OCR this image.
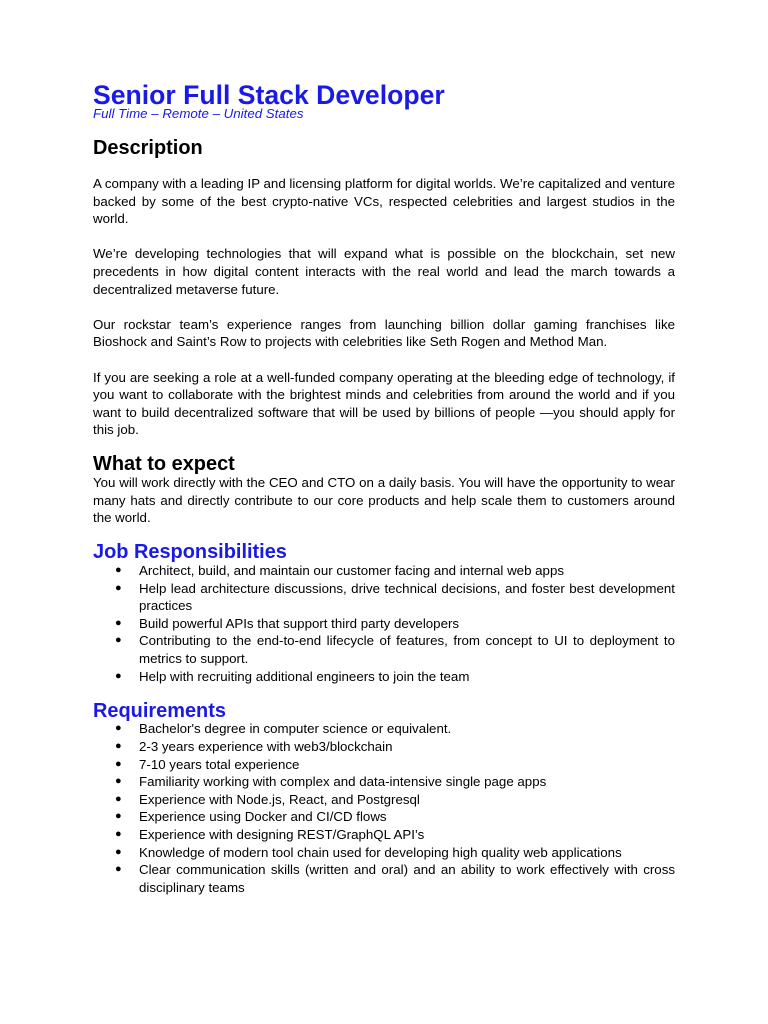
Senior Full Stack Developer
Full Time – Remote – United States
Description

A company with a leading IP and licensing platform for digital worlds. We’re capitalized and venture backed by some of the best crypto-native VCs, respected celebrities and largest studios in the world.

We’re developing technologies that will expand what is possible on the blockchain, set new precedents in how digital content interacts with the real world and lead the march towards a decentralized metaverse future.

Our rockstar team’s experience ranges from launching billion dollar gaming franchises like Bioshock and Saint’s Row to projects with celebrities like Seth Rogen and Method Man.

If you are seeking a role at a well-funded company operating at the bleeding edge of technology, if you want to collaborate with the brightest minds and celebrities from around the world and if you want to build decentralized software that will be used by billions of people —you should apply for this job.

What to expect

You will work directly with the CEO and CTO on a daily basis. You will have the opportunity to wear many hats and directly contribute to our core products and help scale them to customers around the world.

Job Responsibilities
● Architect, build, and maintain our customer facing and internal web apps
● Help lead architecture discussions, drive technical decisions, and foster best development practices
● Build powerful APIs that support third party developers
● Contributing to the end-to-end lifecycle of features, from concept to UI to deployment to metrics to support.
● Help with recruiting additional engineers to join the team
Requirements
● Bachelor's degree in computer science or equivalent.
● 2-3 years experience with web3/blockchain
● 7-10 years total experience
● Familiarity working with complex and data-intensive single page apps
● Experience with Node.js, React, and Postgresql
● Experience using Docker and CI/CD flows
● Experience with designing REST/GraphQL API’s
● Knowledge of modern tool chain used for developing high quality web applications
● Clear communication skills (written and oral) and an ability to work effectively with cross disciplinary teams
